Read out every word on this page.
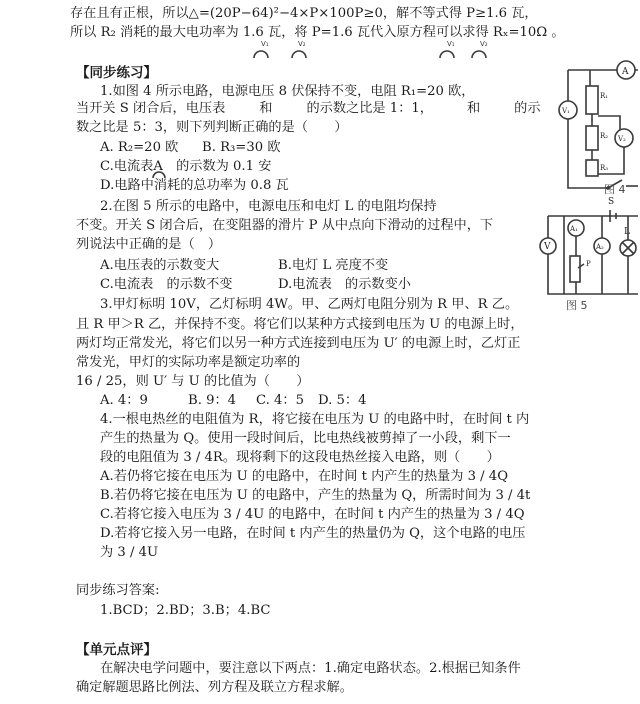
存在且有正根，所以△=(20P−64)²−4×P×100P≥0，解不等式得 P≥1.6 瓦，
所以 R₂ 消耗的最大电功率为 1.6 瓦，将 P=1.6 瓦代入原方程可以求得 Rₓ=10Ω 。
V₁	V₂	V₁	V₂
【同步练习】
1.如图 4 所示电路，电源电压 8 伏保持不变，电阻 R₁=20 欧，
当开关 S 闭合后，电压表	和	的示数之比是 1：1，	和	的示
数之比是 5：3，则下列判断正确的是（　　）
A. R₂=20 欧 B. R₃=30 欧
C.电流表A　的示数为 0.1 安
D.电路中消耗的总功率为 0.8 瓦
2.在图 5 所示的电路中，电源电压和电灯 L 的电阻均保持
不变。开关 S 闭合后，在变阻器的滑片 P 从中点向下滑动的过程中，下
列说法中正确的是（　）
A.电压表的示数变大	B.电灯 L 亮度不变
C.电流表　的示数不变	D.电流表　的示数变小
3.甲灯标明 10V，乙灯标明 4W。甲、乙两灯电阻分别为 R 甲、R 乙。
且 R 甲＞R 乙，并保持不变。将它们以某种方式接到电压为 U 的电源上时，
两灯均正常发光，将它们以另一种方式连接到电压为 U′ 的电源上时，乙灯正
常发光，甲灯的实际功率是额定功率的
16 / 25，则 U′ 与 U 的比值为（　　）
A. 4：9	B. 9：4 C. 4：5 D. 5：4
4.一根电热丝的电阻值为 R，将它接在电压为 U 的电路中时，在时间 t 内
产生的热量为 Q。使用一段时间后，比电热线被剪掉了一小段，剩下一
段的电阻值为 3 / 4R。现将剩下的这段电热丝接入电路，则（　　）
A.若仍将它接在电压为 U 的电路中，在时间 t 内产生的热量为 3 / 4Q
B.若仍将它接在电压为 U 的电路中，产生的热量为 Q，所需时间为 3 / 4t
C.若将它接入电压为 3 / 4U 的电路中，在时间 t 内产生的热量为 3 / 4Q
D.若将它接入另一电路，在时间 t 内产生的热量仍为 Q，这个电路的电压
为 3 / 4U
同步练习答案:
1.BCD；2.BD；3.B；4.BC
【单元点评】
在解决电学问题中，要注意以下两点：1.确定电路状态。2.根据已知条件
确定解题思路比例法、列方程及联立方程求解。
A
R₁
R₂
R₃
V₁
V₂
S
图 4
V
A₁
P
A₂
L
图 5
